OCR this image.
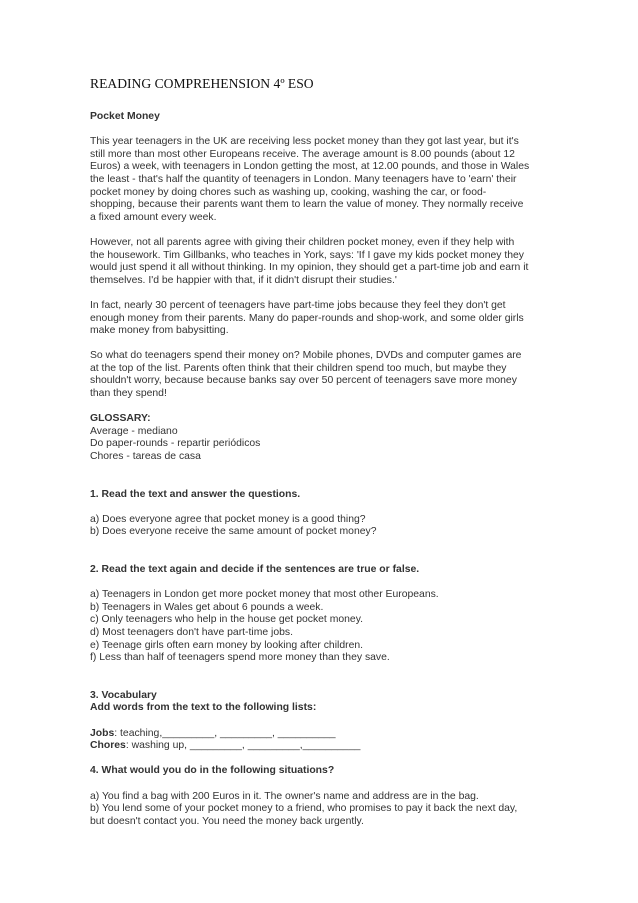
READING COMPREHENSION 4º ESO

Pocket Money

This year teenagers in the UK are receiving less pocket money than they got last year, but it's
still more than most other Europeans receive. The average amount is 8.00 pounds (about 12
Euros) a week, with teenagers in London getting the most, at 12.00 pounds, and those in Wales
the least - that's half the quantity of teenagers in London. Many teenagers have to 'earn' their
pocket money by doing chores such as washing up, cooking, washing the car, or food-
shopping, because their parents want them to learn the value of money. They normally receive
a fixed amount every week.

However, not all parents agree with giving their children pocket money, even if they help with
the housework. Tim Gillbanks, who teaches in York, says: 'If I gave my kids pocket money they
would just spend it all without thinking. In my opinion, they should get a part-time job and earn it
themselves. I'd be happier with that, if it didn't disrupt their studies.'

In fact, nearly 30 percent of teenagers have part-time jobs because they feel they don't get
enough money from their parents. Many do paper-rounds and shop-work, and some older girls
make money from babysitting.

So what do teenagers spend their money on? Mobile phones, DVDs and computer games are
at the top of the list. Parents often think that their children spend too much, but maybe they
shouldn't worry, because because banks say over 50 percent of teenagers save more money
than they spend!

GLOSSARY:
Average - mediano
Do paper-rounds - repartir periódicos
Chores - tareas de casa

1. Read the text and answer the questions.

a) Does everyone agree that pocket money is a good thing?
b) Does everyone receive the same amount of pocket money?

2. Read the text again and decide if the sentences are true or false.

a) Teenagers in London get more pocket money that most other Europeans.
b) Teenagers in Wales get about 6 pounds a week.
c) Only teenagers who help in the house get pocket money.
d) Most teenagers don't have part-time jobs.
e) Teenage girls often earn money by looking after children.
f) Less than half of teenagers spend more money than they save.

3. Vocabulary
Add words from the text to the following lists:

Jobs: teaching,_________, _________, __________
Chores: washing up, _________, _________,__________

4. What would you do in the following situations?

a) You find a bag with 200 Euros in it. The owner's name and address are in the bag.
b) You lend some of your pocket money to a friend, who promises to pay it back the next day,
but doesn't contact you. You need the money back urgently.
